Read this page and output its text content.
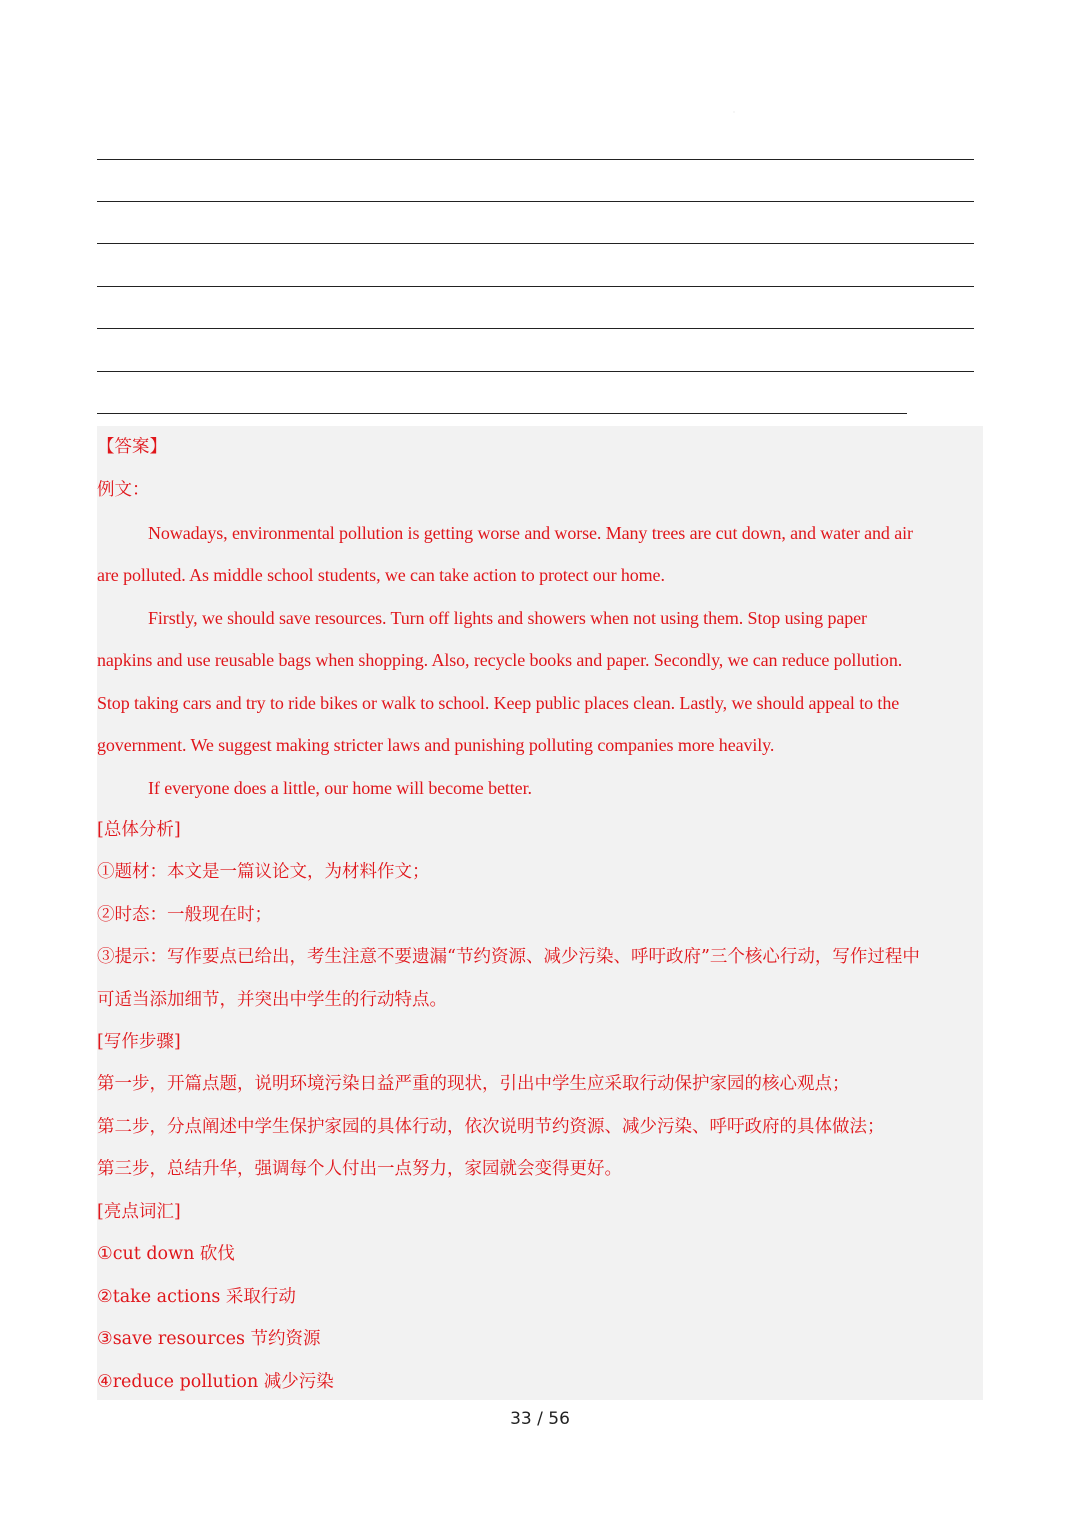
ˈ
【答案】
例文：
Nowadays, environmental pollution is getting worse and worse. Many trees are cut down, and water and air
are polluted. As middle school students, we can take action to protect our home.
Firstly, we should save resources. Turn off lights and showers when not using them. Stop using paper
napkins and use reusable bags when shopping. Also, recycle books and paper. Secondly, we can reduce pollution.
Stop taking cars and try to ride bikes or walk to school. Keep public places clean. Lastly, we should appeal to the
government. We suggest making stricter laws and punishing polluting companies more heavily.
If everyone does a little, our home will become better.
[总体分析]
①题材：本文是一篇议论文，为材料作文；
②时态：一般现在时；
③提示：写作要点已给出，考生注意不要遗漏“节约资源、减少污染、呼吁政府”三个核心行动，写作过程中
可适当添加细节，并突出中学生的行动特点。
[写作步骤]
第一步，开篇点题，说明环境污染日益严重的现状，引出中学生应采取行动保护家园的核心观点；
第二步，分点阐述中学生保护家园的具体行动，依次说明节约资源、减少污染、呼吁政府的具体做法；
第三步，总结升华，强调每个人付出一点努力，家园就会变得更好。
[亮点词汇]
①cut down 砍伐
②take actions 采取行动
③save resources 节约资源
④reduce pollution 减少污染
33 / 56
